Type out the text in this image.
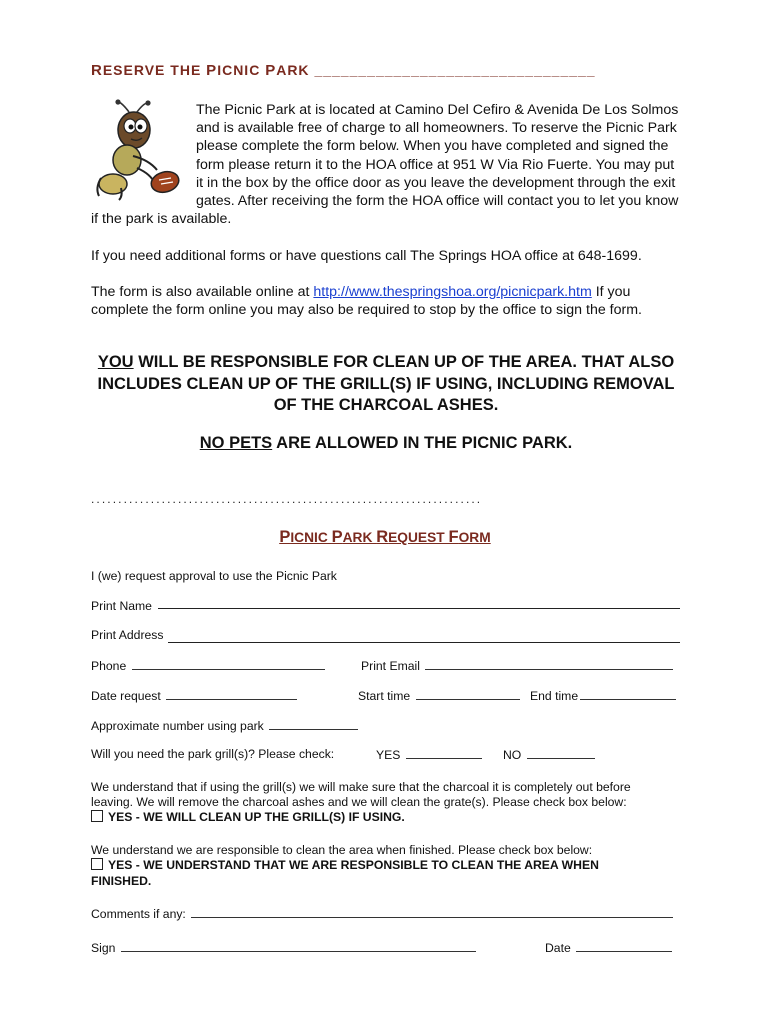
RESERVE THE PICNIC PARK ________________________________

The Picnic Park at is located at Camino Del Cefiro & Avenida De Los Solmos and is available free of charge to all homeowners. To reserve the Picnic Park please complete the form below. When you have completed and signed the form please return it to the HOA office at 951 W Via Rio Fuerte. You may put it in the box by the office door as you leave the development through the exit gates. After receiving the form the HOA office will contact you to let you know if the park is available.

If you need additional forms or have questions call The Springs HOA office at 648-1699.

The form is also available online at http://www.thespringshoa.org/picnicpark.htm If you complete the form online you may also be required to stop by the office to sign the form.

YOU WILL BE RESPONSIBLE FOR CLEAN UP OF THE AREA. THAT ALSO INCLUDES CLEAN UP OF THE GRILL(S) IF USING, INCLUDING REMOVAL OF THE CHARCOAL ASHES.

NO PETS ARE ALLOWED IN THE PICNIC PARK.

........................................................................
PICNIC PARK REQUEST FORM
I (we) request approval to use the Picnic Park
Print Name
Print Address
Phone	Print Email
Date request	Start time	End time
Approximate number using park
Will you need the park grill(s)? Please check:	YES	NO
We understand that if using the grill(s) we will make sure that the charcoal it is completely out before
leaving. We will remove the charcoal ashes and we will clean the grate(s). Please check box below:
YES - WE WILL CLEAN UP THE GRILL(S) IF USING.
We understand we are responsible to clean the area when finished. Please check box below:
YES - WE UNDERSTAND THAT WE ARE RESPONSIBLE TO CLEAN THE AREA WHEN
FINISHED.
Comments if any:
Sign	Date
